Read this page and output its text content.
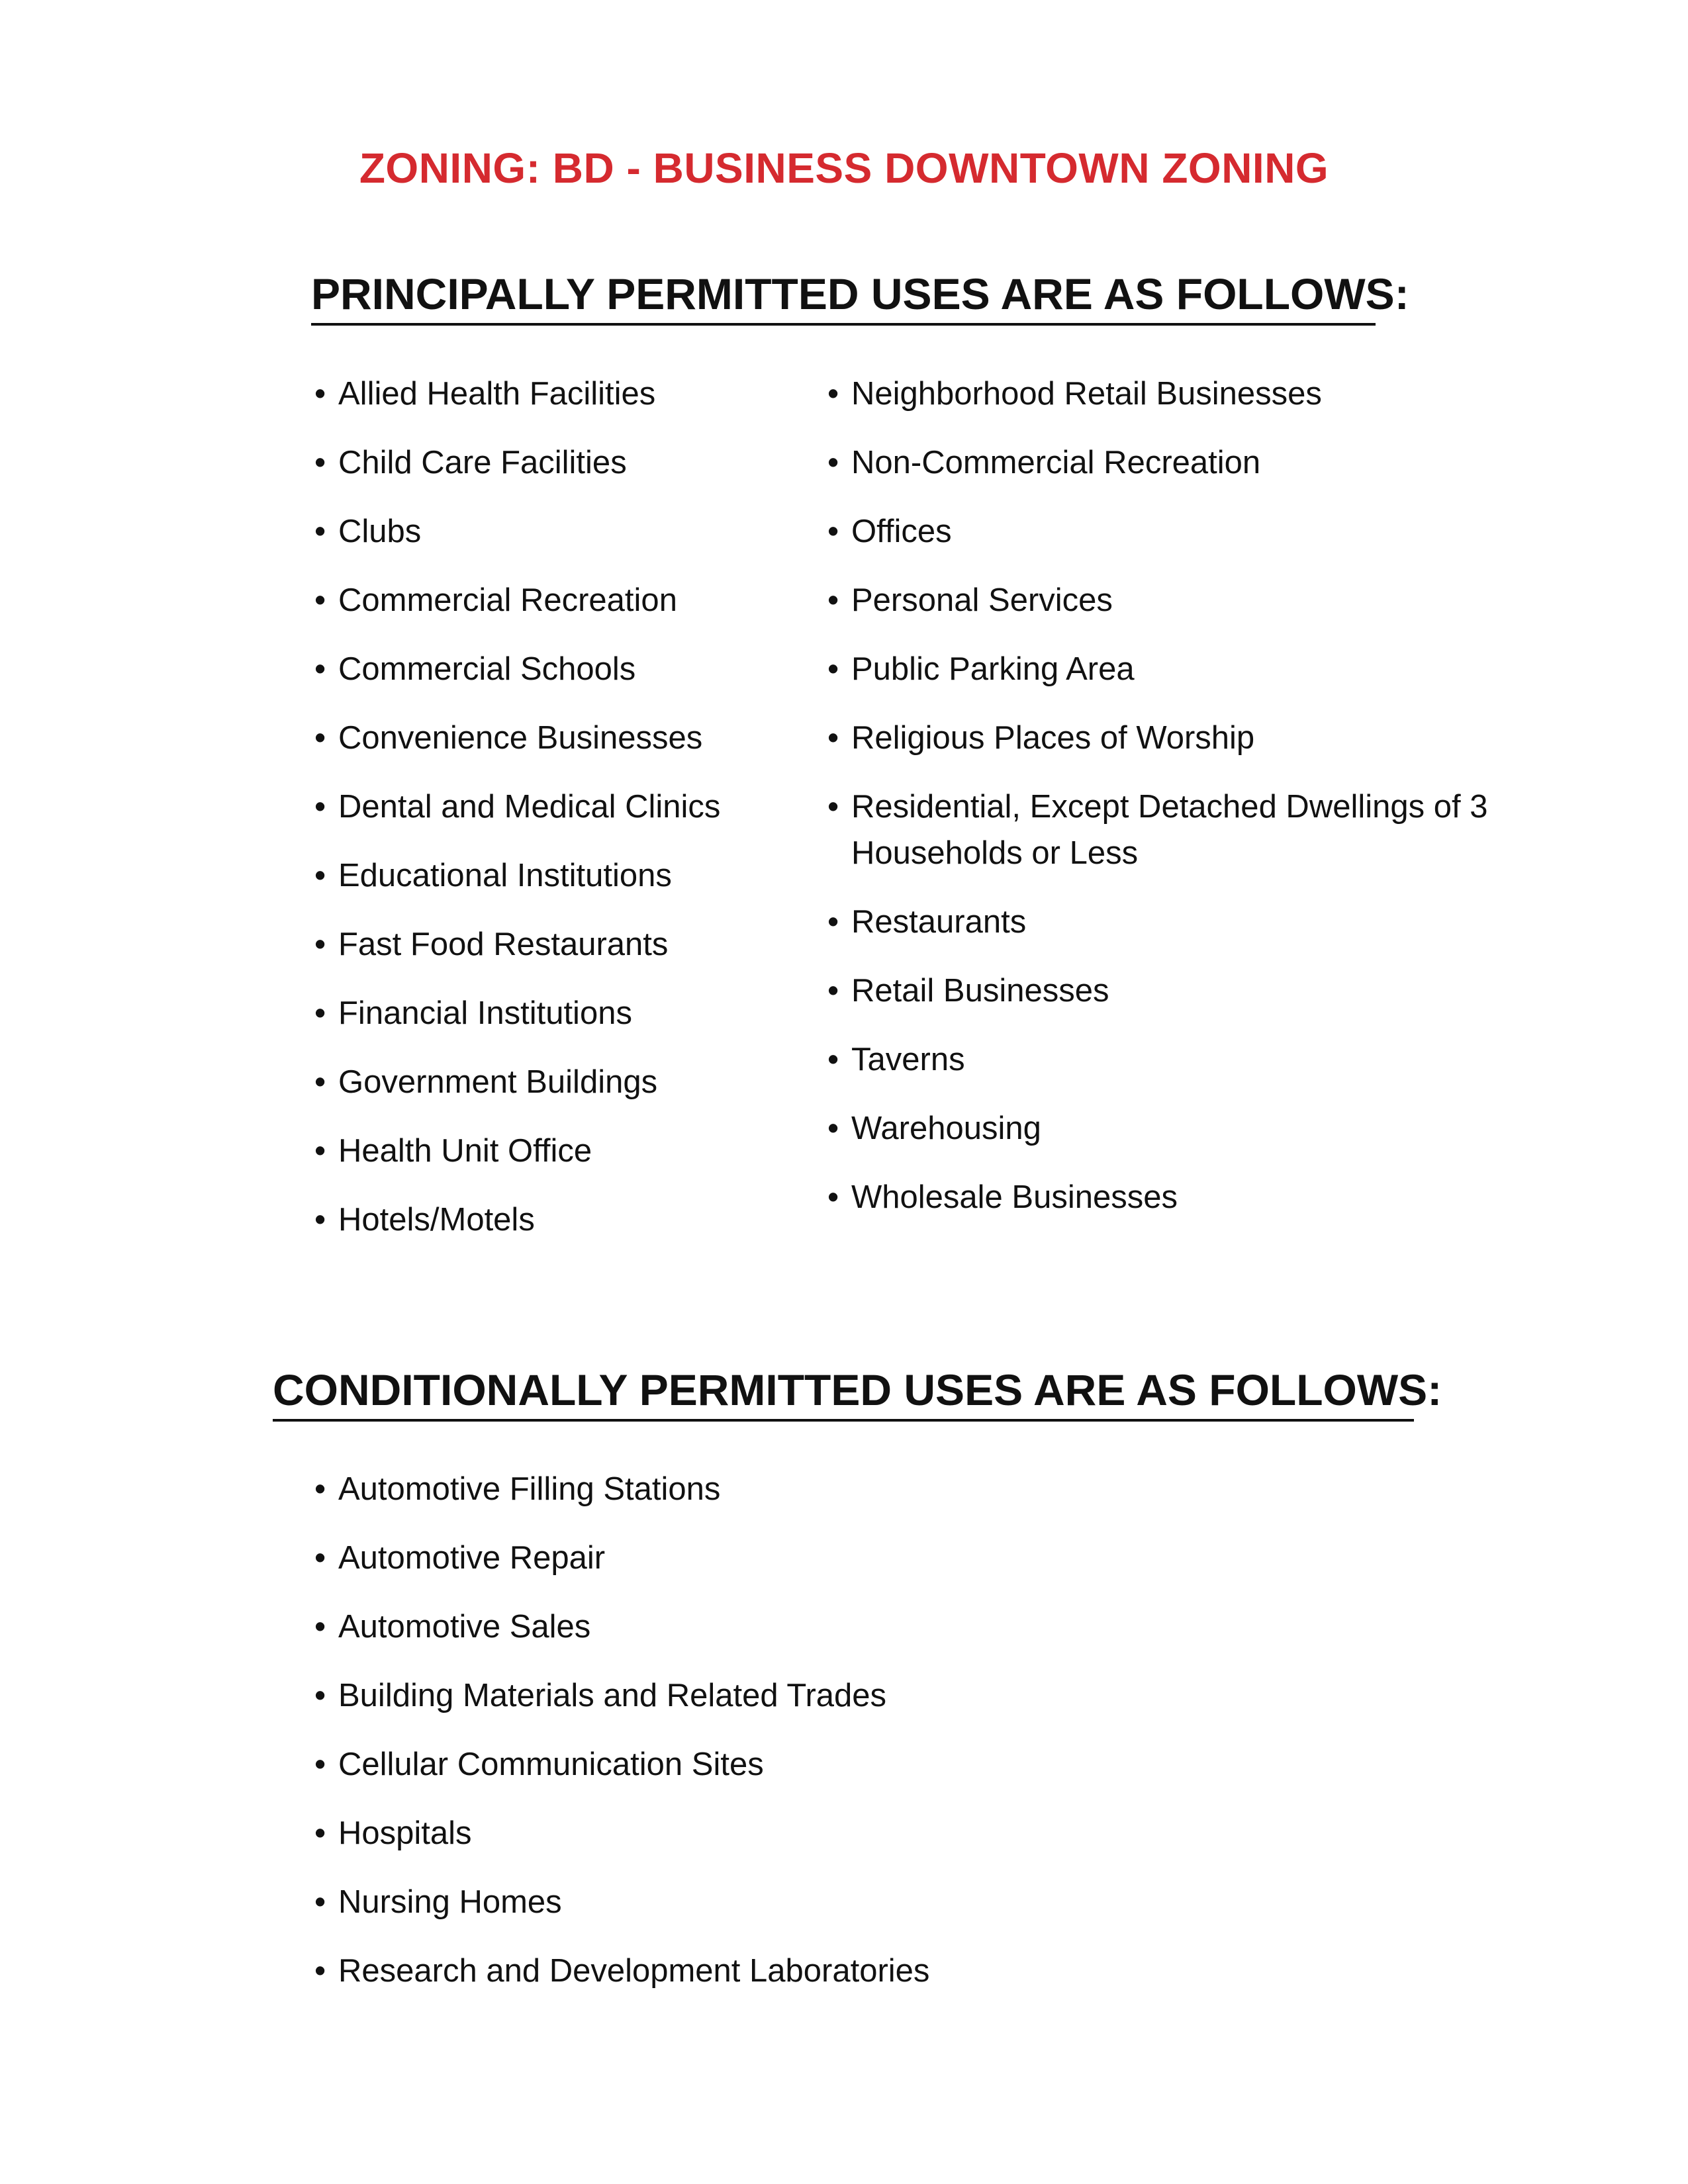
ZONING: BD - BUSINESS DOWNTOWN ZONING
PRINCIPALLY PERMITTED USES ARE AS FOLLOWS:
• Allied Health Facilities
• Child Care Facilities
• Clubs
• Commercial Recreation
• Commercial Schools
• Convenience Businesses
• Dental and Medical Clinics
• Educational Institutions
• Fast Food Restaurants
• Financial Institutions
• Government Buildings
• Health Unit Office
• Hotels/Motels
• Neighborhood Retail Businesses
• Non-Commercial Recreation
• Offices
• Personal Services
• Public Parking Area
• Religious Places of Worship
• Residential, Except Detached Dwellings of 3 Households or Less
• Restaurants
• Retail Businesses
• Taverns
• Warehousing
• Wholesale Businesses
CONDITIONALLY PERMITTED USES ARE AS FOLLOWS:
• Automotive Filling Stations
• Automotive Repair
• Automotive Sales
• Building Materials and Related Trades
• Cellular Communication Sites
• Hospitals
• Nursing Homes
• Research and Development Laboratories
